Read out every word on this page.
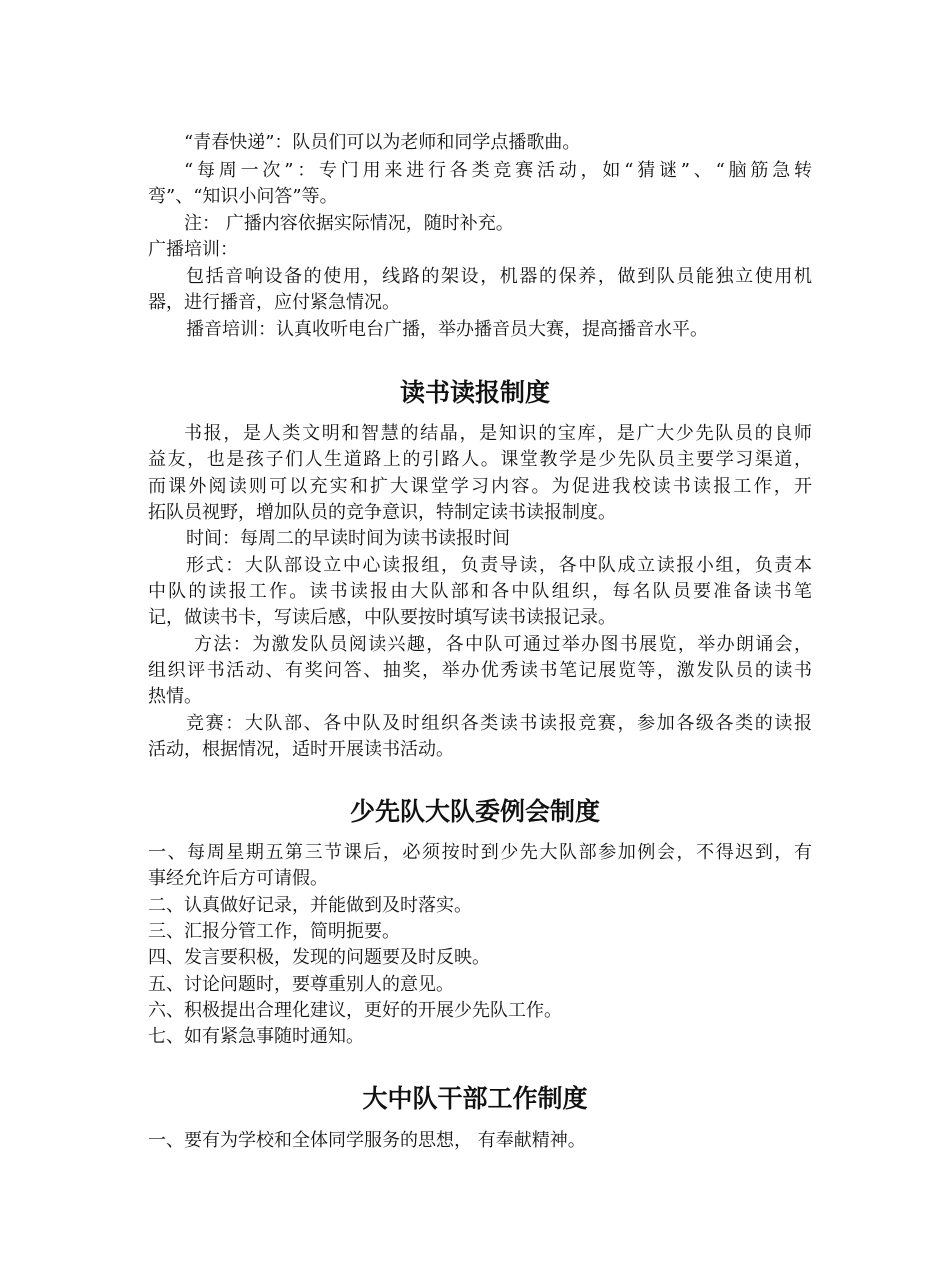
“青春快递”：队员们可以为老师和同学点播歌曲。
“每周一次”：专门用来进行各类竞赛活动，如“猜谜”、“脑筋急转
弯”、“知识小问答”等。
注： 广播内容依据实际情况，随时补充。
广播培训：
包括音响设备的使用，线路的架设，机器的保养，做到队员能独立使用机
器，进行播音，应付紧急情况。
播音培训：认真收听电台广播，举办播音员大赛，提高播音水平。
读书读报制度
书报，是人类文明和智慧的结晶，是知识的宝库，是广大少先队员的良师
益友，也是孩子们人生道路上的引路人。课堂教学是少先队员主要学习渠道，
而课外阅读则可以充实和扩大课堂学习内容。为促进我校读书读报工作，开
拓队员视野，增加队员的竞争意识，特制定读书读报制度。
时间：每周二的早读时间为读书读报时间
形式：大队部设立中心读报组，负责导读，各中队成立读报小组，负责本
中队的读报工作。读书读报由大队部和各中队组织，每名队员要准备读书笔
记，做读书卡，写读后感，中队要按时填写读书读报记录。
方法：为激发队员阅读兴趣，各中队可通过举办图书展览，举办朗诵会，
组织评书活动、有奖问答、抽奖，举办优秀读书笔记展览等，激发队员的读书
热情。
竞赛：大队部、各中队及时组织各类读书读报竞赛，参加各级各类的读报
活动，根据情况，适时开展读书活动。
少先队大队委例会制度
一、每周星期五第三节课后，必须按时到少先大队部参加例会，不得迟到，有
事经允许后方可请假。
二、认真做好记录，并能做到及时落实。
三、汇报分管工作，简明扼要。
四、发言要积极，发现的问题要及时反映。
五、讨论问题时，要尊重别人的意见。
六、积极提出合理化建议，更好的开展少先队工作。
七、如有紧急事随时通知。
大中队干部工作制度
一、要有为学校和全体同学服务的思想， 有奉献精神。
